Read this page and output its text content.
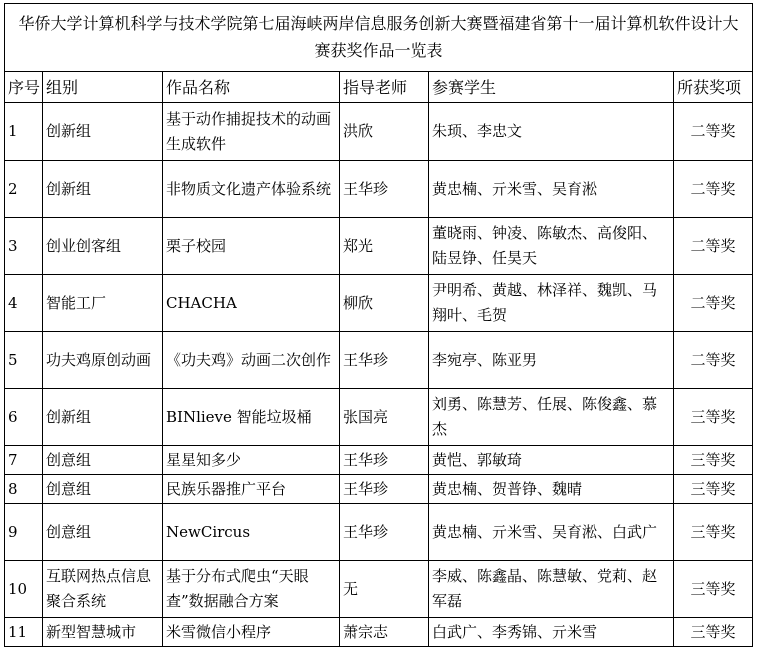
华侨大学计算机科学与技术学院第七届海峡两岸信息服务创新大赛暨福建省第十一届计算机软件设计大赛获奖作品一览表					
序号	组别	作品名称	指导老师	参赛学生	所获奖项
1	创新组	基于动作捕捉技术的动画生成软件	洪欣	朱顼、李忠文	二等奖
2	创新组	非物质文化遗产体验系统	王华珍	黄忠楠、亓米雪、吴育淞	二等奖
3	创业创客组	栗子校园	郑光	董晓雨、钟凌、陈敏杰、高俊阳、陆昱铮、任昊天	二等奖
4	智能工厂	CHACHA	柳欣	尹明希、黄越、林泽祥、魏凯、马翔叶、毛贺	二等奖
5	功夫鸡原创动画	《功夫鸡》动画二次创作	王华珍	李宛亭、陈亚男	二等奖
6	创新组	BINlieve 智能垃圾桶	张国亮	刘勇、陈慧芳、任展、陈俊鑫、慕杰	三等奖
7	创意组	星星知多少	王华珍	黄恺、郭敏琦	三等奖
8	创意组	民族乐器推广平台	王华珍	黄忠楠、贺普铮、魏晴	三等奖
9	创意组	NewCircus	王华珍	黄忠楠、亓米雪、吴育淞、白武广	三等奖
10	互联网热点信息聚合系统	基于分布式爬虫“天眼查”数据融合方案	无	李威、陈鑫晶、陈慧敏、党莉、赵军磊	三等奖
11	新型智慧城市	米雪微信小程序	萧宗志	白武广、李秀锦、亓米雪	三等奖
